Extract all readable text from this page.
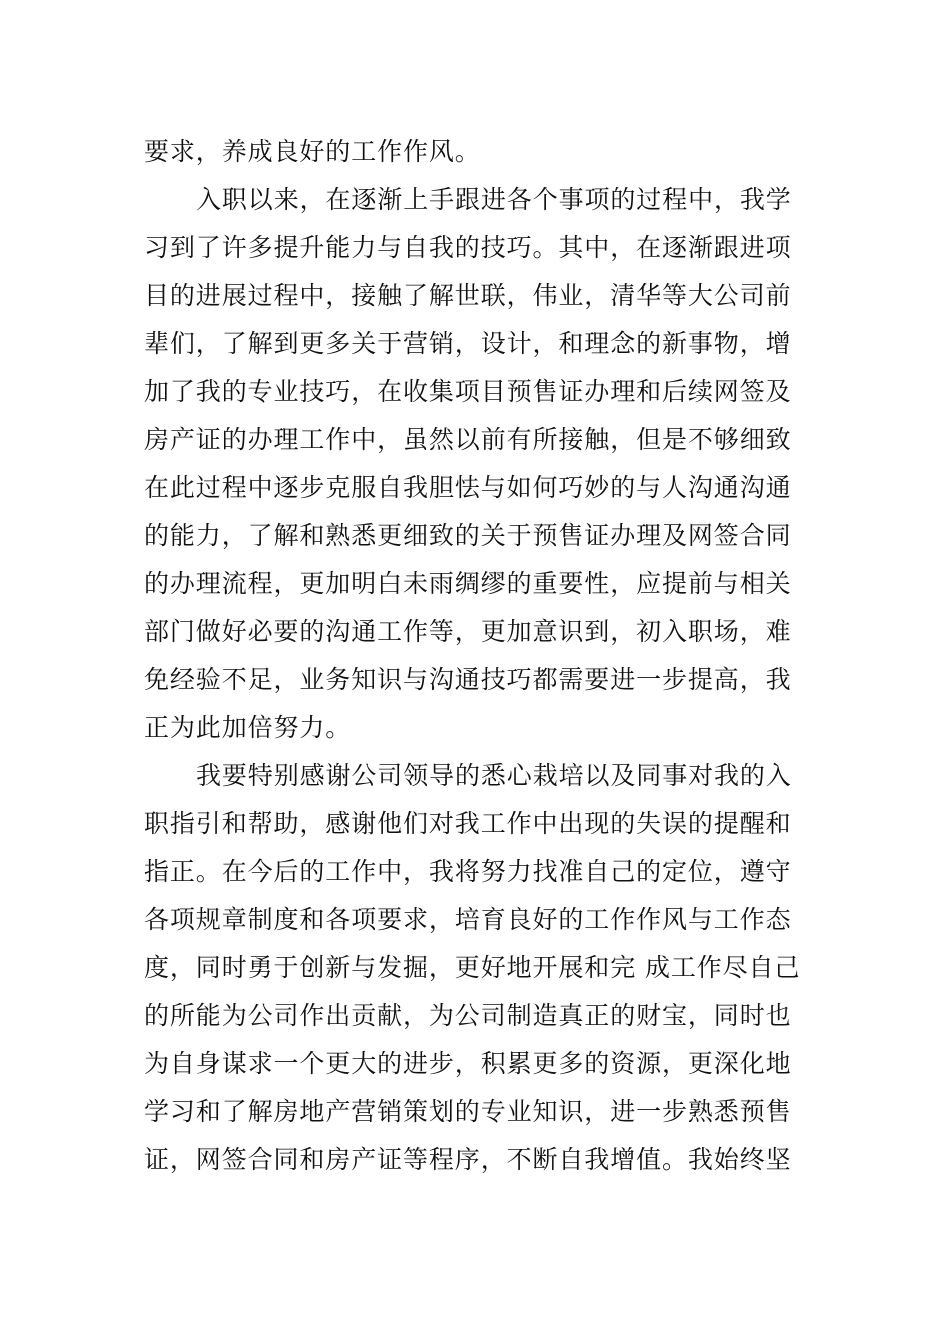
要求，养成良好的工作作风。
入职以来，在逐渐上手跟进各个事项的过程中，我学
习到了许多提升能力与自我的技巧。其中，在逐渐跟进项
目的进展过程中，接触了解世联，伟业，清华等大公司前
辈们，了解到更多关于营销，设计，和理念的新事物，增
加了我的专业技巧，在收集项目预售证办理和后续网签及
房产证的办理工作中，虽然以前有所接触，但是不够细致
在此过程中逐步克服自我胆怯与如何巧妙的与人沟通沟通
的能力，了解和熟悉更细致的关于预售证办理及网签合同
的办理流程，更加明白未雨绸缪的重要性，应提前与相关
部门做好必要的沟通工作等，更加意识到，初入职场，难
免经验不足，业务知识与沟通技巧都需要进一步提高，我
正为此加倍努力。
我要特别感谢公司领导的悉心栽培以及同事对我的入
职指引和帮助，感谢他们对我工作中出现的失误的提醒和
指正。在今后的工作中，我将努力找准自己的定位，遵守
各项规章制度和各项要求，培育良好的工作作风与工作态
度，同时勇于创新与发掘，更好地开展和完 成工作尽自己
的所能为公司作出贡献，为公司制造真正的财宝，同时也
为自身谋求一个更大的进步，积累更多的资源，更深化地
学习和了解房地产营销策划的专业知识，进一步熟悉预售
证，网签合同和房产证等程序，不断自我增值。我始终坚
